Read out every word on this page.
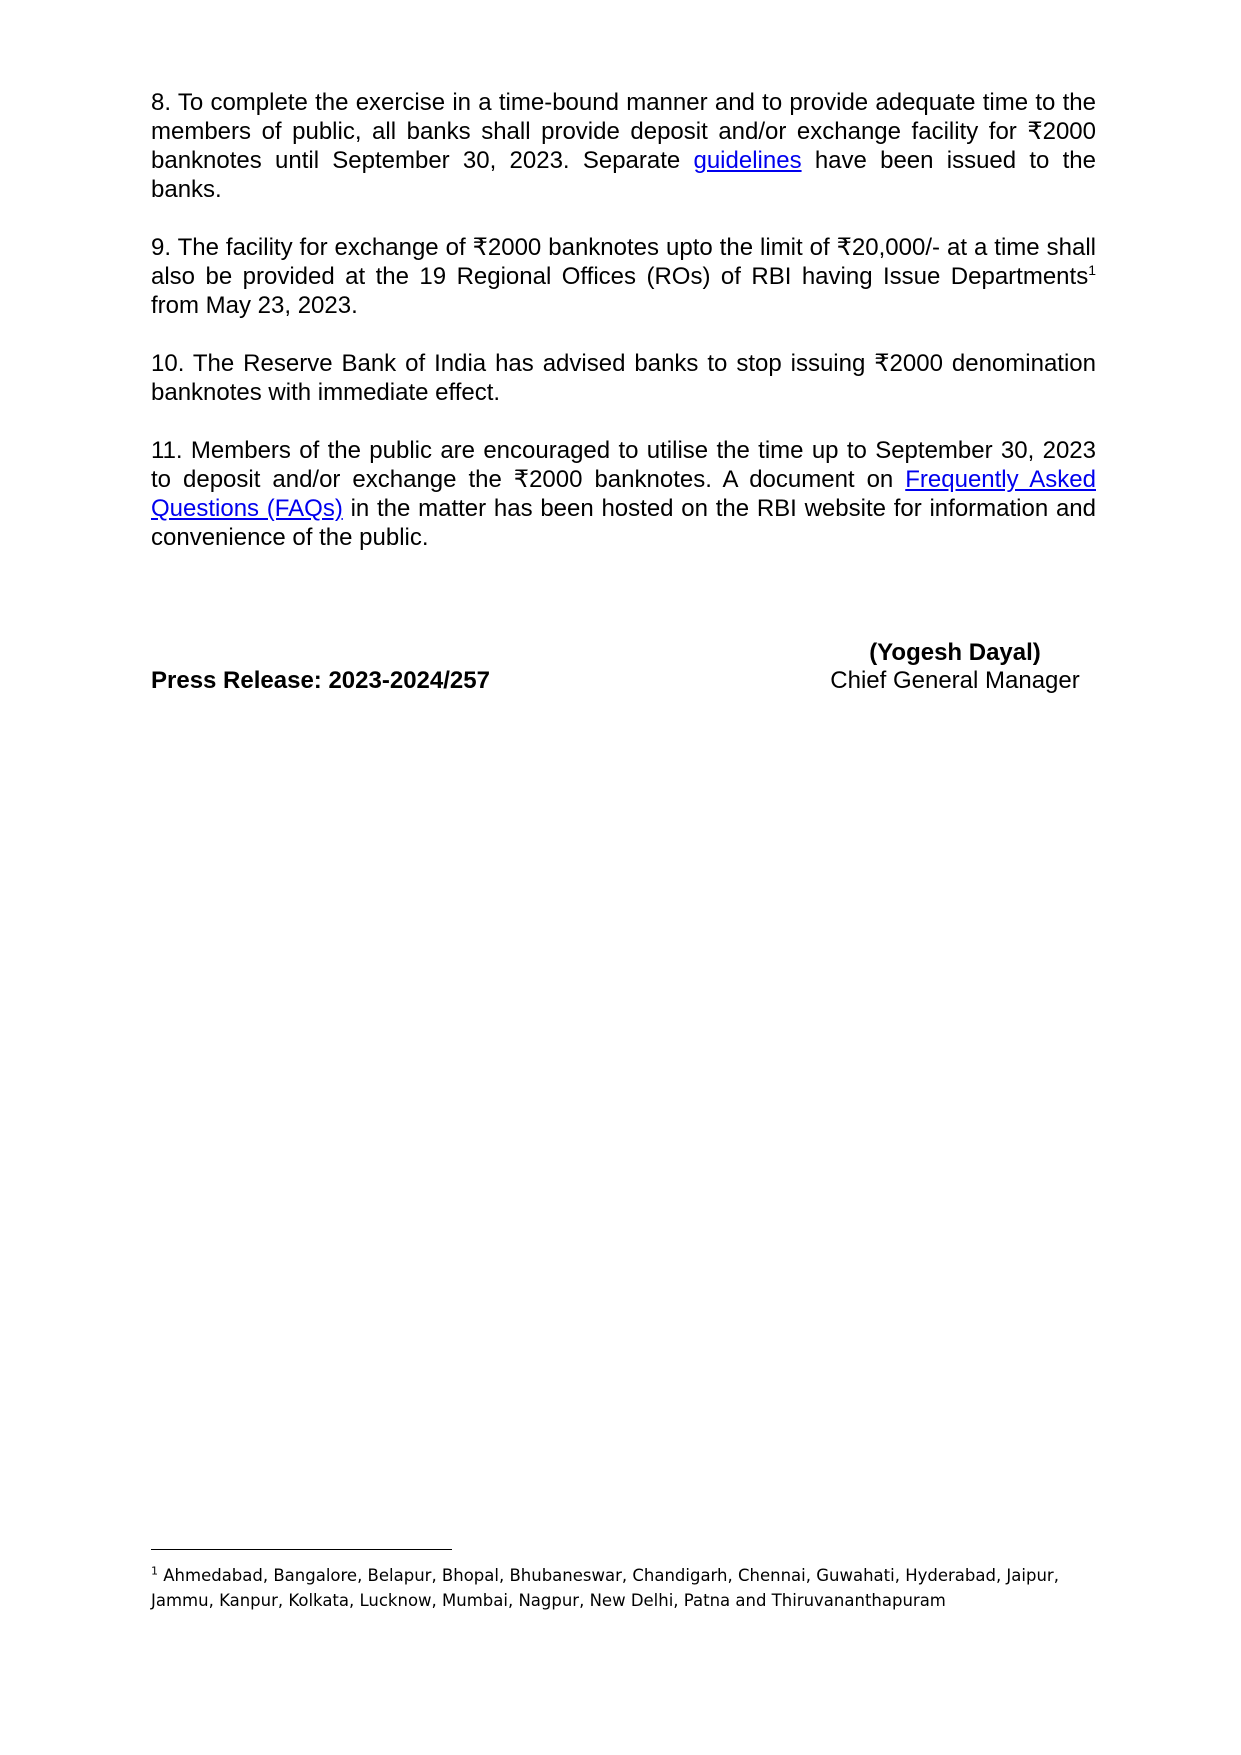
8. To complete the exercise in a time-bound manner and to provide adequate time to the members of public, all banks shall provide deposit and/or exchange facility for ₹2000 banknotes until September 30, 2023. Separate guidelines have been issued to the banks.

9. The facility for exchange of ₹2000 banknotes upto the limit of ₹20,000/- at a time shall also be provided at the 19 Regional Offices (ROs) of RBI having Issue Departments$^1$ from May 23, 2023.

10. The Reserve Bank of India has advised banks to stop issuing ₹2000 denomination banknotes with immediate effect.

11. Members of the public are encouraged to utilise the time up to September 30, 2023 to deposit and/or exchange the ₹2000 banknotes. A document on Frequently Asked Questions (FAQs) in the matter has been hosted on the RBI website for information and convenience of the public.

(Yogesh Dayal)
Press Release: 2023-2024/257	Chief General Manager
$^1$ Ahmedabad, Bangalore, Belapur, Bhopal, Bhubaneswar, Chandigarh, Chennai, Guwahati, Hyderabad, Jaipur, Jammu, Kanpur, Kolkata, Lucknow, Mumbai, Nagpur, New Delhi, Patna and Thiruvananthapuram
